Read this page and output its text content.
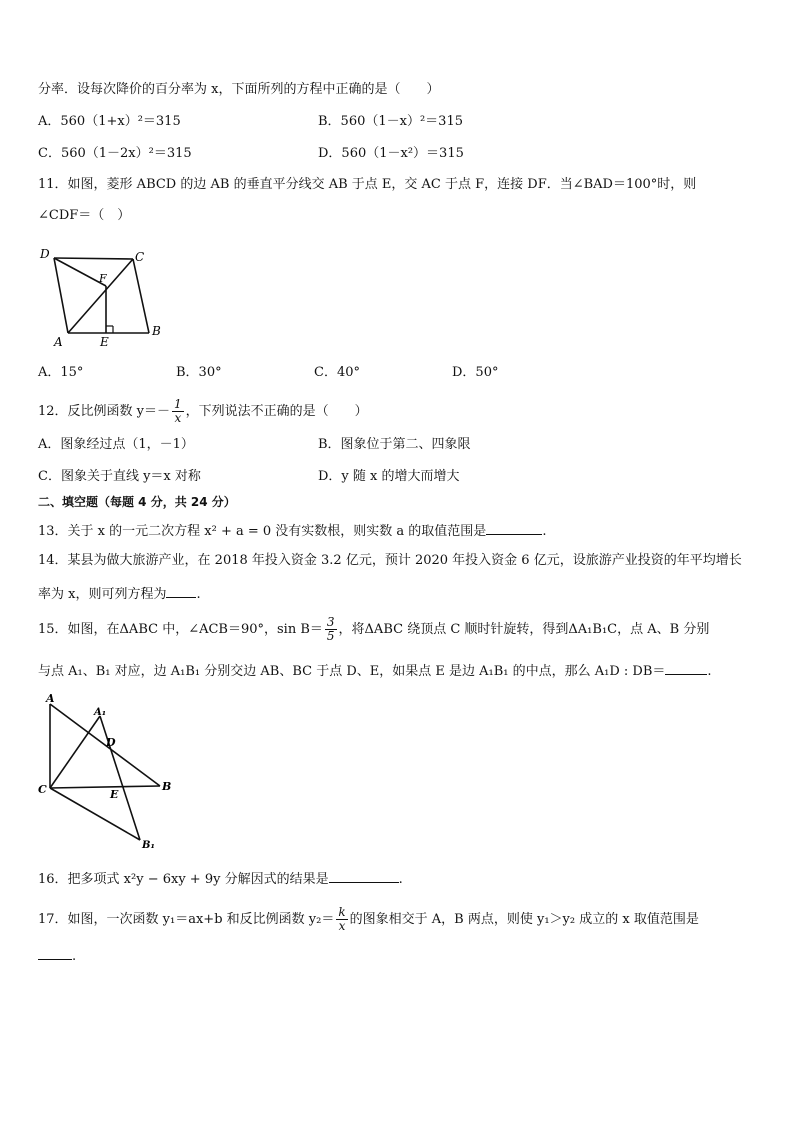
分率．设每次降价的百分率为 x，下面所列的方程中正确的是（　　）
A．560（1+x）²＝315	B．560（1－x）²＝315
C．560（1－2x）²＝315	D．560（1－x²）＝315
11．如图，菱形 ABCD 的边 AB 的垂直平分线交 AB 于点 E，交 AC 于点 F，连接 DF．当∠BAD＝100°时，则
∠CDF＝（　）
D	C
F
A	E
B
A．15°	B．30°	C．40°	D．50°
12．反比例函数 $y=- \frac{1}{x}$ ，下列说法不正确的是（　　）
A．图象经过点（1，－1）	B．图象位于第二、四象限
C．图象关于直线 y＝x 对称	D．y 随 x 的增大而增大
二、填空题（每题 4 分，共 24 分）
13．关于 x 的一元二次方程 x² + a = 0 没有实数根，则实数 a 的取值范围是	.
14．某县为做大旅游产业，在 2018 年投入资金 3.2 亿元，预计 2020 年投入资金 6 亿元，设旅游产业投资的年平均增长
率为 x，则可列方程为 .
15．如图，在ΔABC 中，∠ACB＝90°，$\sin B= \frac{3}{5}$ ，将ΔABC 绕顶点 C 顺时针旋转，得到ΔA₁B₁C，点 A、B 分别
与点 A₁、B₁ 对应，边 A₁B₁ 分别交边 AB、BC 于点 D、E，如果点 E 是边 A₁B₁ 的中点，那么 A₁D : DB＝	.
A
A₁
D
C	E
B
B₁
16．把多项式 x²y − 6xy + 9y 分解因式的结果是	.
17．如图，一次函数 y₁＝ax+b 和反比例函数 $y_2= \frac{k}{x}$ 的图象相交于 A，B 两点，则使 y₁＞y₂ 成立的 x 取值范围是
.
